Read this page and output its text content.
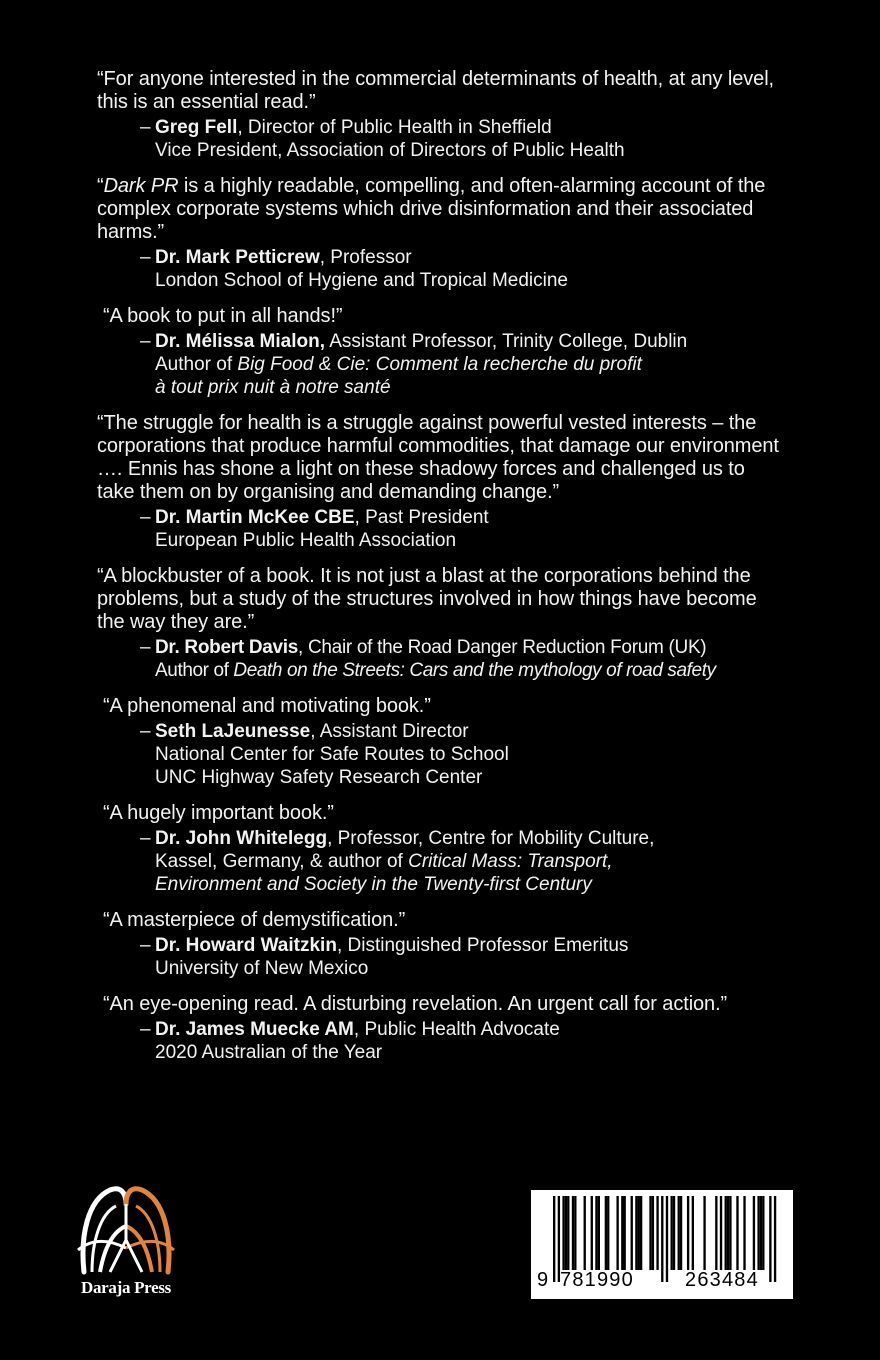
“For anyone interested in the commercial determinants of health, at any level, this is an essential read.”

– Greg Fell, Director of Public Health in Sheffield
Vice President, Association of Directors of Public Health

“Dark PR is a highly readable, compelling, and often-alarming account of the complex corporate systems which drive disinformation and their associated harms.”

– Dr. Mark Petticrew, Professor
London School of Hygiene and Tropical Medicine

“A book to put in all hands!”

– Dr. Mélissa Mialon, Assistant Professor, Trinity College, Dublin
Author of Big Food & Cie: Comment la recherche du profit
à tout prix nuit à notre santé

“The struggle for health is a struggle against powerful vested interests – the corporations that produce harmful commodities, that damage our environment …. Ennis has shone a light on these shadowy forces and challenged us to take them on by organising and demanding change.”

– Dr. Martin McKee CBE, Past President
European Public Health Association

“A blockbuster of a book. It is not just a blast at the corporations behind the problems, but a study of the structures involved in how things have become the way they are.”

– Dr. Robert Davis, Chair of the Road Danger Reduction Forum (UK)
Author of Death on the Streets: Cars and the mythology of road safety

“A phenomenal and motivating book.”

– Seth LaJeunesse, Assistant Director
National Center for Safe Routes to School
UNC Highway Safety Research Center

“A hugely important book.”

– Dr. John Whitelegg, Professor, Centre for Mobility Culture,
Kassel, Germany, & author of Critical Mass: Transport,
Environment and Society in the Twenty-first Century

“A masterpiece of demystification.”

– Dr. Howard Waitzkin, Distinguished Professor Emeritus
University of New Mexico

“An eye-opening read. A disturbing revelation. An urgent call for action.”

– Dr. James Muecke AM, Public Health Advocate
2020 Australian of the Year
Daraja Press	9 781990	263484
